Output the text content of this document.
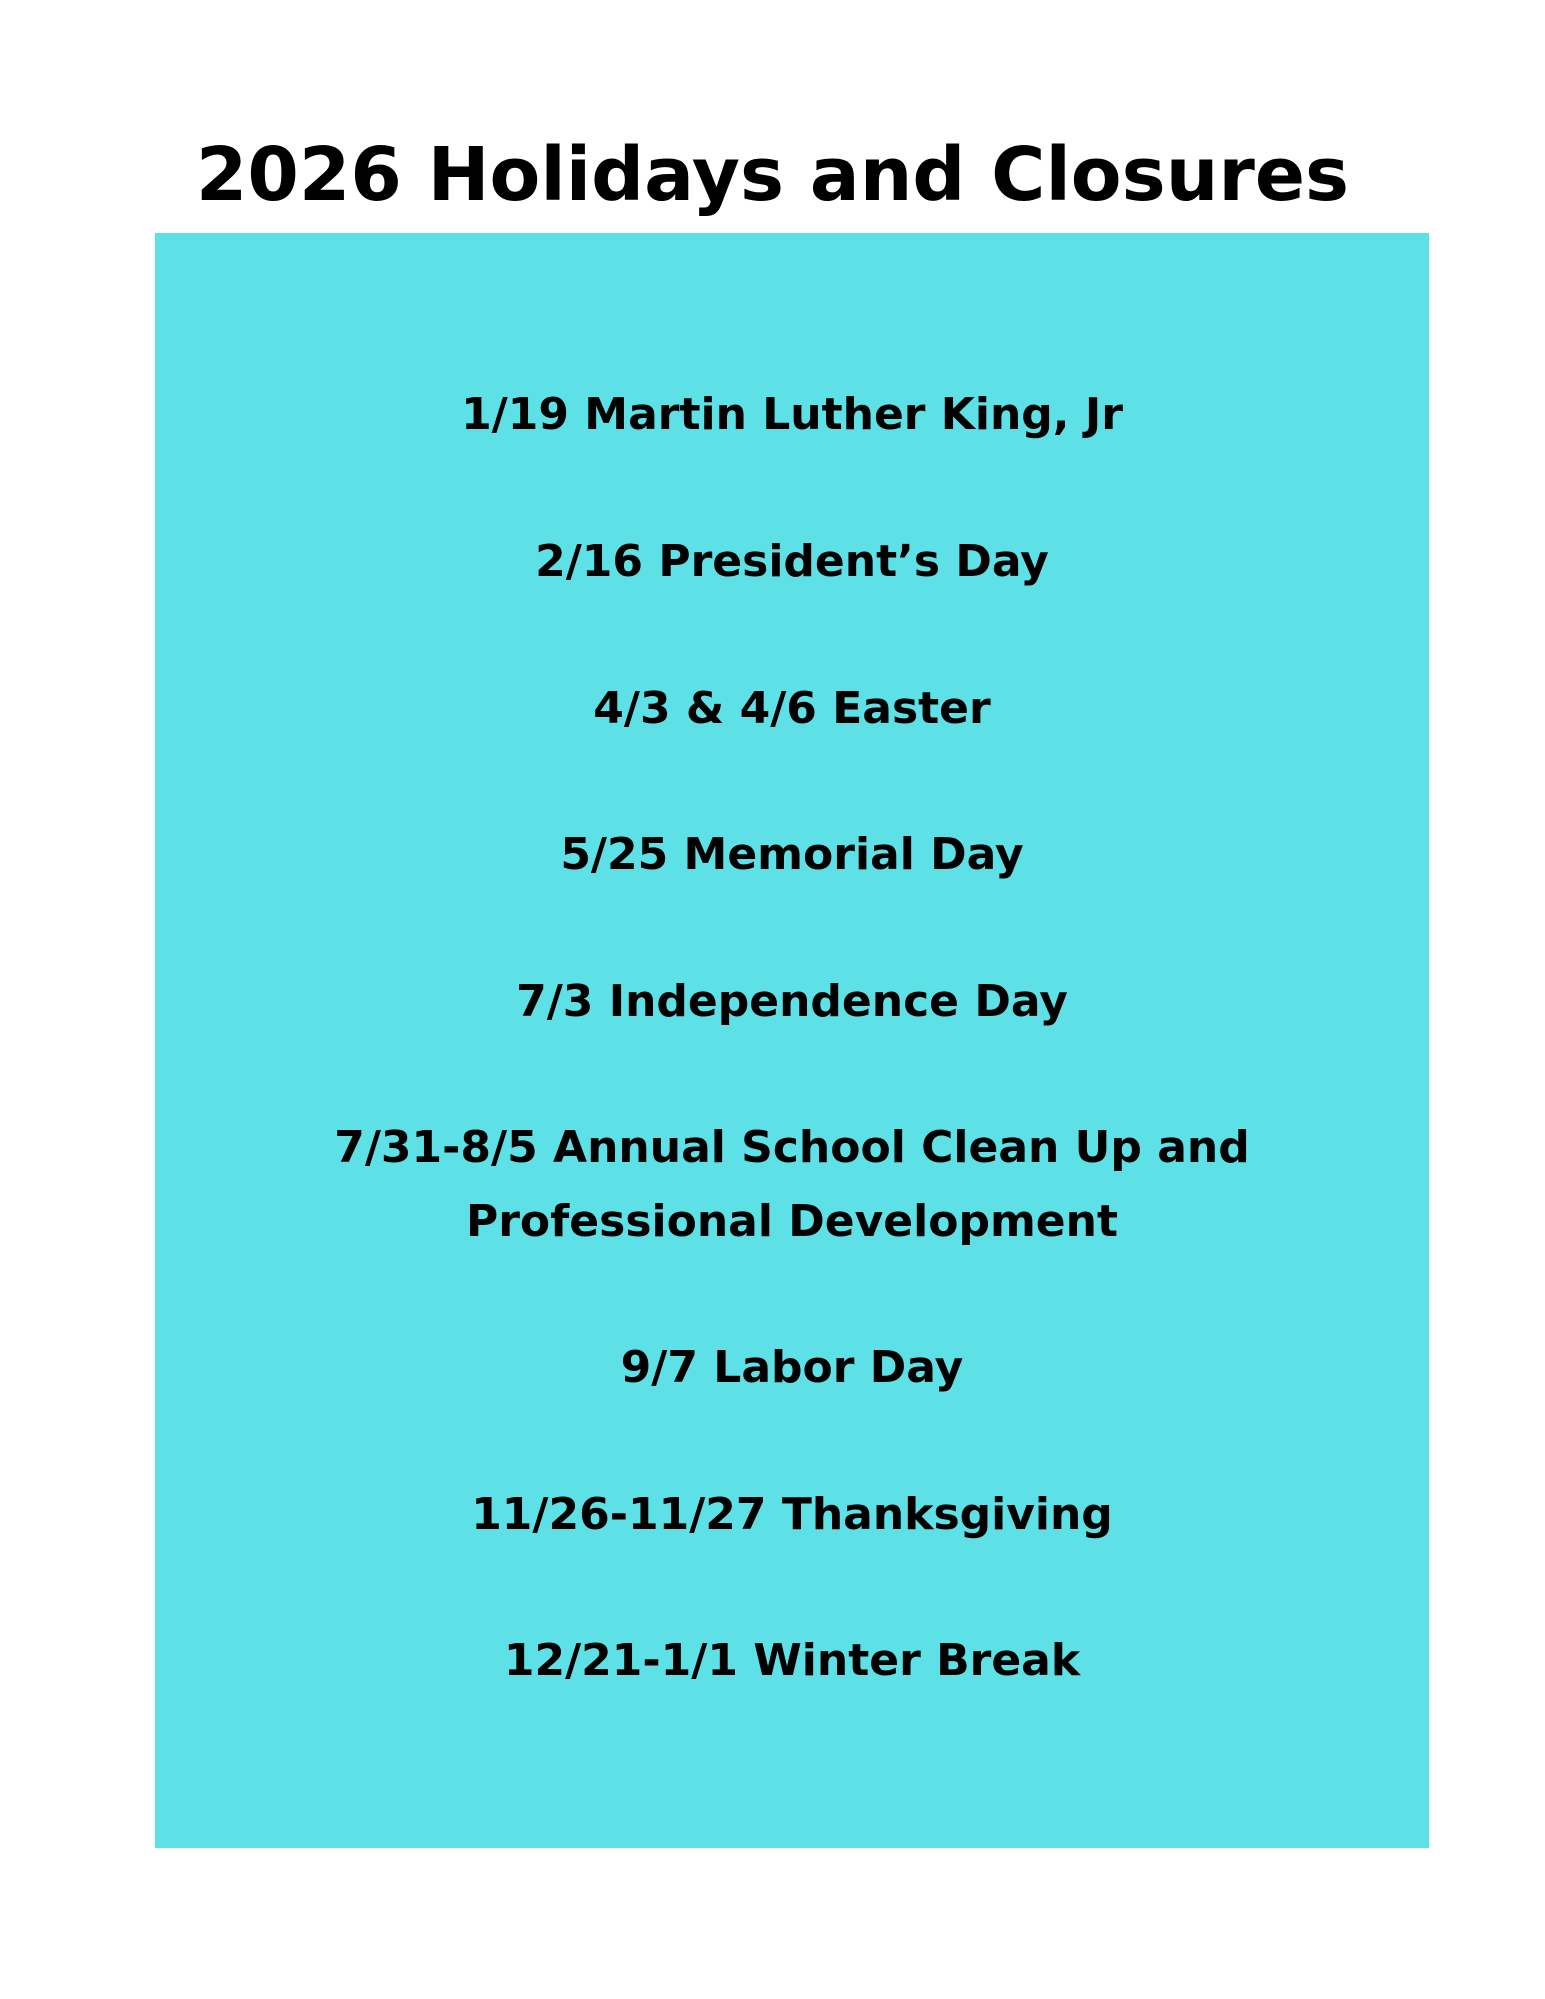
2026 Holidays and Closures
1/19 Martin Luther King, Jr
2/16 President’s Day
4/3 & 4/6 Easter
5/25 Memorial Day
7/3 Independence Day
7/31-8/5 Annual School Clean Up and
Professional Development
9/7 Labor Day
11/26-11/27 Thanksgiving
12/21-1/1 Winter Break
